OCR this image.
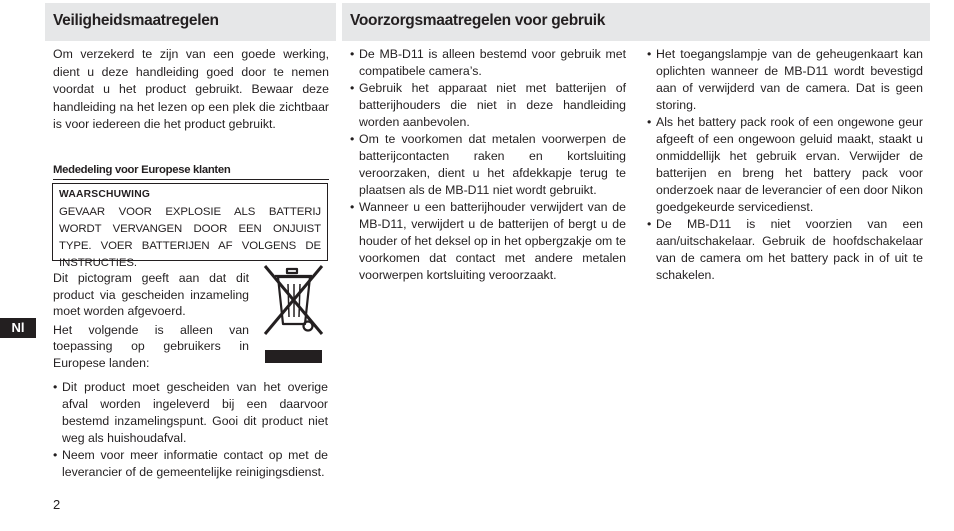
Veiligheidsmaatregelen	Voorzorgsmaatregelen voor gebruik

Om verzekerd te zijn van een goede werking, dient u deze handleiding goed door te nemen voordat u het product gebruikt. Bewaar deze handleiding na het lezen op een plek die zichtbaar is voor iedereen die het product gebruikt.

Mededeling voor Europese klanten
WAARSCHUWING
GEVAAR VOOR EXPLOSIE ALS BATTERIJ WORDT VERVANGEN DOOR EEN ONJUIST TYPE. VOER BATTERIJEN AF VOLGENS DE INSTRUCTIES.

Dit pictogram geeft aan dat dit product via gescheiden inzameling moet worden afgevoerd.

Het volgende is alleen van toepassing op gebruikers in Europese landen:

• Dit product moet gescheiden van het overige afval worden ingeleverd bij een daarvoor bestemd inzamelingspunt. Gooi dit product niet weg als huishoudafval.
• Neem voor meer informatie contact op met de leverancier of de gemeentelijke reinigingsdienst.
• De MB-D11 is alleen bestemd voor gebruik met compatibele camera’s.
• Gebruik het apparaat niet met batterijen of batterijhouders die niet in deze handleiding worden aanbevolen.
• Om te voorkomen dat metalen voorwerpen de batterijcontacten raken en kortsluiting veroorzaken, dient u het afdekkapje terug te plaatsen als de MB-D11 niet wordt gebruikt.
• Wanneer u een batterijhouder verwijdert van de MB-D11, verwijdert u de batterijen of bergt u de houder of het deksel op in het opbergzakje om te voorkomen dat contact met andere metalen voorwerpen kortsluiting veroorzaakt.
• Het toegangslampje van de geheugenkaart kan oplichten wanneer de MB-D11 wordt bevestigd aan of verwijderd van de camera. Dat is geen storing.
• Als het battery pack rook of een ongewone geur afgeeft of een ongewoon geluid maakt, staakt u onmiddellijk het gebruik ervan. Verwijder de batterijen en breng het battery pack voor onderzoek naar de leverancier of een door Nikon goedgekeurde servicedienst.
• De MB-D11 is niet voorzien van een aan/uitschakelaar. Gebruik de hoofdschakelaar van de camera om het battery pack in of uit te schakelen.
Nl
2
